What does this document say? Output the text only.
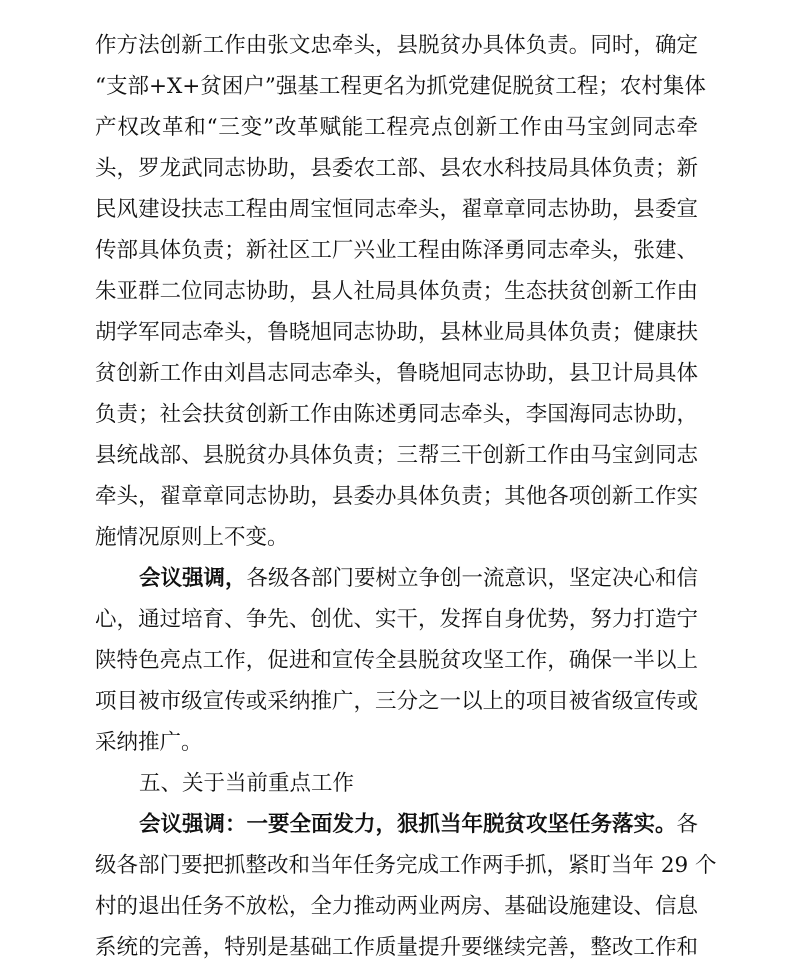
作方法创新工作由张文忠牵头，县脱贫办具体负责。同时，确定
“支部+X+贫困户”强基工程更名为抓党建促脱贫工程；农村集体
产权改革和“三变”改革赋能工程亮点创新工作由马宝剑同志牵
头，罗龙武同志协助，县委农工部、县农水科技局具体负责；新
民风建设扶志工程由周宝恒同志牵头，翟章章同志协助，县委宣
传部具体负责；新社区工厂兴业工程由陈泽勇同志牵头，张建、
朱亚群二位同志协助，县人社局具体负责；生态扶贫创新工作由
胡学军同志牵头，鲁晓旭同志协助，县林业局具体负责；健康扶
贫创新工作由刘昌志同志牵头，鲁晓旭同志协助，县卫计局具体
负责；社会扶贫创新工作由陈述勇同志牵头，李国海同志协助，
县统战部、县脱贫办具体负责；三帮三干创新工作由马宝剑同志
牵头，翟章章同志协助，县委办具体负责；其他各项创新工作实
施情况原则上不变。
会议强调，各级各部门要树立争创一流意识，坚定决心和信
心，通过培育、争先、创优、实干，发挥自身优势，努力打造宁
陕特色亮点工作，促进和宣传全县脱贫攻坚工作，确保一半以上
项目被市级宣传或采纳推广，三分之一以上的项目被省级宣传或
采纳推广。
五、关于当前重点工作
会议强调：一要全面发力，狠抓当年脱贫攻坚任务落实。各
级各部门要把抓整改和当年任务完成工作两手抓，紧盯当年 29 个
村的退出任务不放松，全力推动两业两房、基础设施建设、信息
系统的完善，特别是基础工作质量提升要继续完善，整改工作和
